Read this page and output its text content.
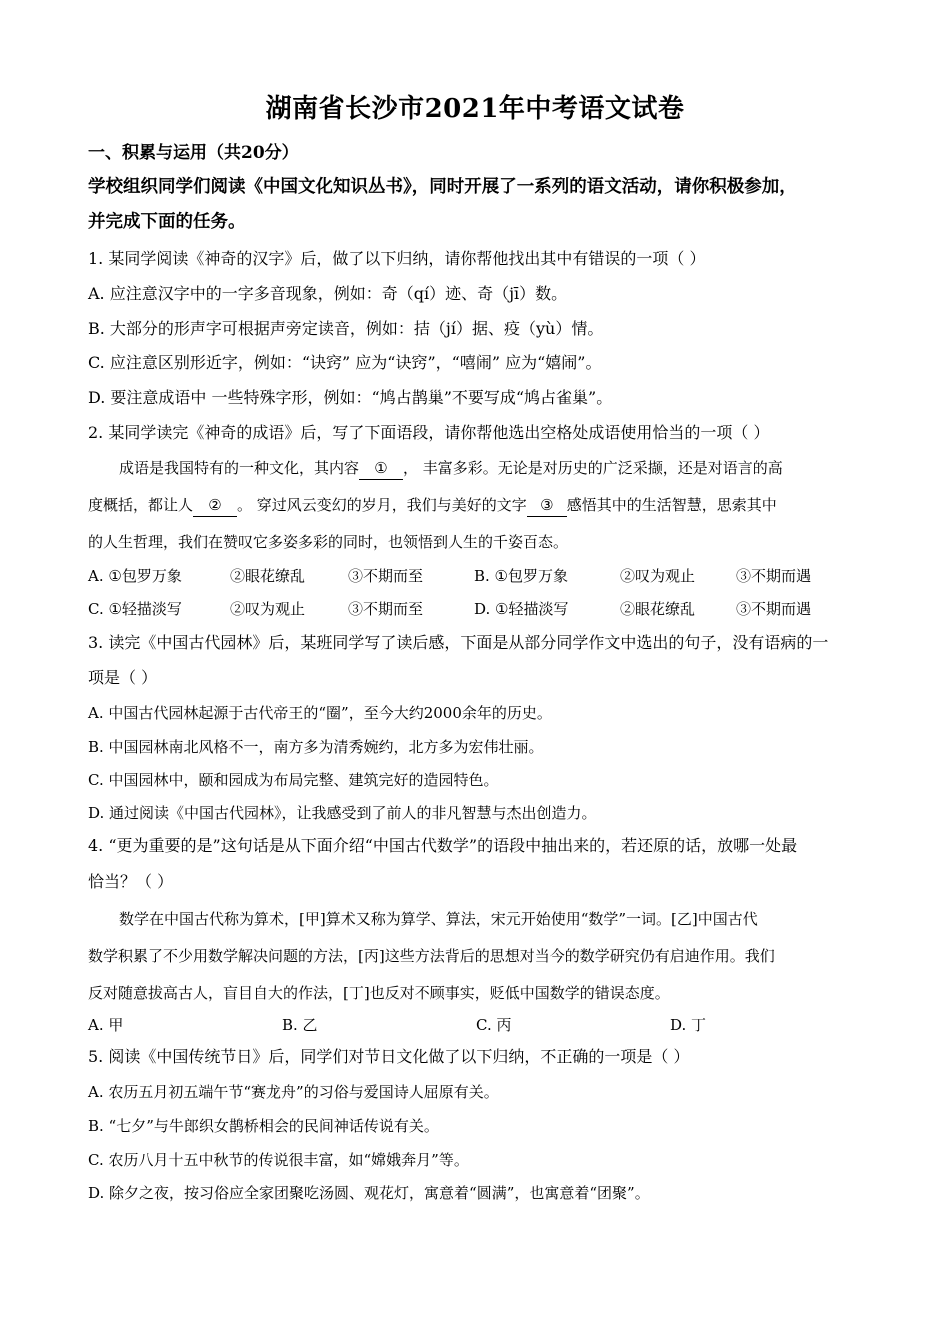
湖南省长沙市2021年中考语文试卷
一、积累与运用（共20分）
学校组织同学们阅读《中国文化知识丛书》，同时开展了一系列的语文活动，请你积极参加，
并完成下面的任务。
1. 某同学阅读《神奇的汉字》后，做了以下归纳，请你帮他找出其中有错误的一项（ ）
A. 应注意汉字中的一字多音现象，例如：奇（qí）迹、奇（jī）数。
B. 大部分的形声字可根据声旁定读音，例如：拮（jí）据、疫（yù）情。
C. 应注意区别形近字，例如：“诀窍” 应为“诀窍”，“嘻闹” 应为“嬉闹”。
D. 要注意成语中 一些特殊字形，例如：“鸠占鹊巢”不要写成“鸠占雀巢”。
2. 某同学读完《神奇的成语》后，写了下面语段，请你帮他选出空格处成语使用恰当的一项（ ）
成语是我国特有的一种文化，其内容 ① ， 丰富多彩。无论是对历史的广泛采撷，还是对语言的高
度概括，都让人 ② 。 穿过风云变幻的岁月，我们与美好的文字 ③ 感悟其中的生活智慧，思索其中
的人生哲理，我们在赞叹它多姿多彩的同时，也领悟到人生的千姿百态。
A. ①包罗万象	②眼花缭乱	③不期而至	B. ①包罗万象	②叹为观止	③不期而遇
C. ①轻描淡写	②叹为观止	③不期而至	D. ①轻描淡写	②眼花缭乱	③不期而遇
3. 读完《中国古代园林》后，某班同学写了读后感，下面是从部分同学作文中选出的句子，没有语病的一
项是（ ）
A. 中国古代园林起源于古代帝王的“圈”，至今大约2000余年的历史。
B. 中国园林南北风格不一，南方多为清秀婉约，北方多为宏伟壮丽。
C. 中国园林中，颐和园成为布局完整、建筑完好的造园特色。
D. 通过阅读《中国古代园林》，让我感受到了前人的非凡智慧与杰出创造力。
4. “更为重要的是”这句话是从下面介绍“中国古代数学”的语段中抽出来的，若还原的话，放哪一处最
恰当？（ ）
数学在中国古代称为算术，[甲]算术又称为算学、算法，宋元开始使用“数学”一词。[乙]中国古代
数学积累了不少用数学解决问题的方法，[丙]这些方法背后的思想对当今的数学研究仍有启迪作用。我们
反对随意拔高古人，盲目自大的作法，[丁]也反对不顾事实，贬低中国数学的错误态度。
A. 甲	B. 乙	C. 丙	D. 丁
5. 阅读《中国传统节日》后，同学们对节日文化做了以下归纳，不正确的一项是（ ）
A. 农历五月初五端午节“赛龙舟”的习俗与爱国诗人屈原有关。
B. “七夕”与牛郎织女鹊桥相会的民间神话传说有关。
C. 农历八月十五中秋节的传说很丰富，如“嫦娥奔月”等。
D. 除夕之夜，按习俗应全家团聚吃汤圆、观花灯，寓意着“圆满”，也寓意着“团聚”。
